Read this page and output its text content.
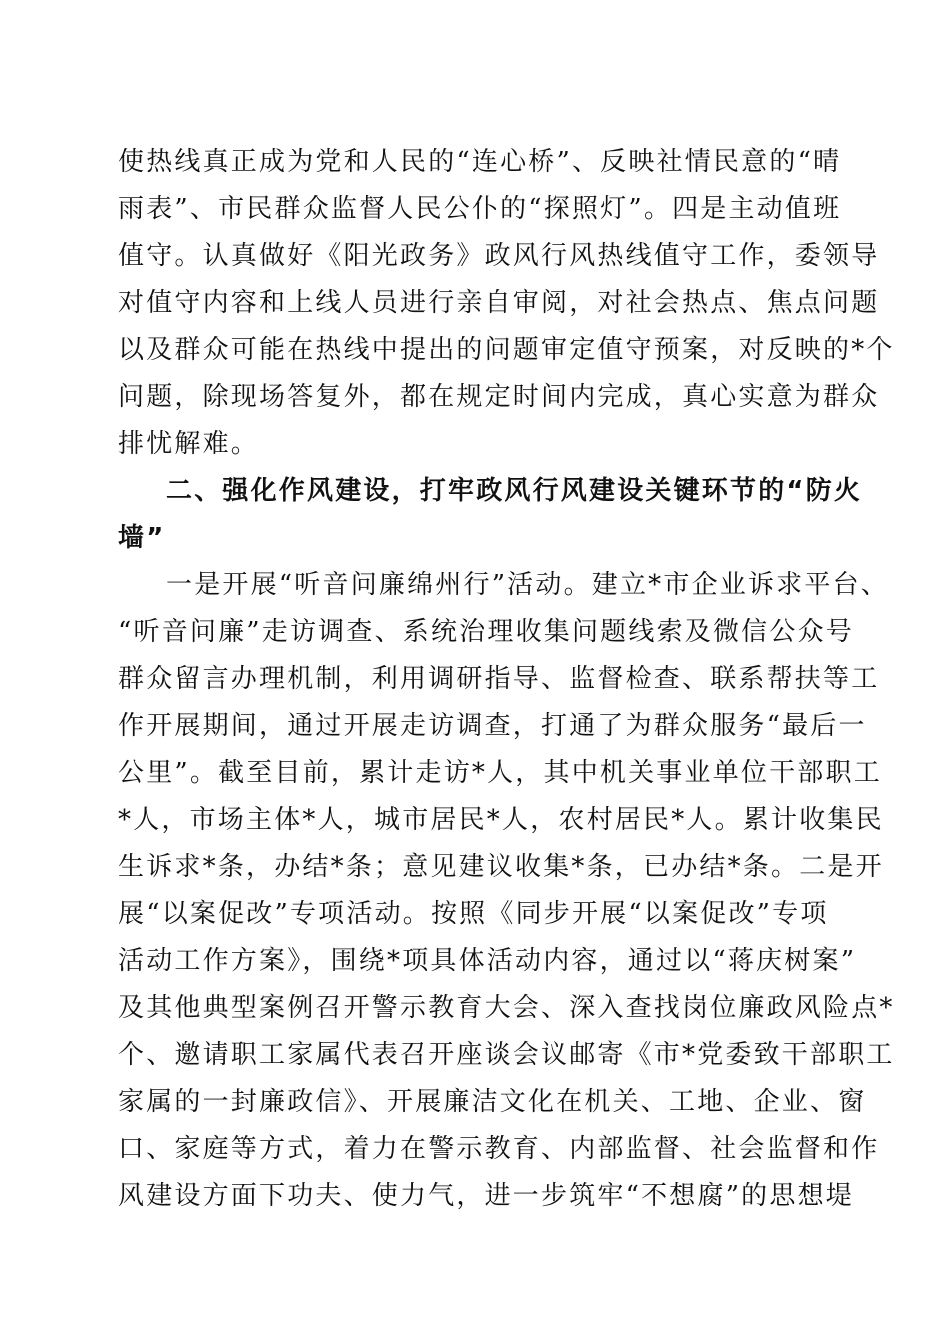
使热线真正成为党和人民的“连心桥”、反映社情民意的“晴
雨表”、市民群众监督人民公仆的“探照灯”。四是主动值班
值守。认真做好《阳光政务》政风行风热线值守工作，委领导
对值守内容和上线人员进行亲自审阅，对社会热点、焦点问题
以及群众可能在热线中提出的问题审定值守预案，对反映的*个
问题，除现场答复外，都在规定时间内完成，真心实意为群众
排忧解难。
二、强化作风建设，打牢政风行风建设关键环节的“防火
墙”
一是开展“听音问廉绵州行”活动。建立*市企业诉求平台、
“听音问廉”走访调查、系统治理收集问题线索及微信公众号
群众留言办理机制，利用调研指导、监督检查、联系帮扶等工
作开展期间，通过开展走访调查，打通了为群众服务“最后一
公里”。截至目前，累计走访*人，其中机关事业单位干部职工
*人，市场主体*人，城市居民*人，农村居民*人。累计收集民
生诉求*条，办结*条；意见建议收集*条，已办结*条。二是开
展“以案促改”专项活动。按照《同步开展“以案促改”专项
活动工作方案》，围绕*项具体活动内容，通过以“蒋庆树案”
及其他典型案例召开警示教育大会、深入查找岗位廉政风险点*
个、邀请职工家属代表召开座谈会议邮寄《市*党委致干部职工
家属的一封廉政信》、开展廉洁文化在机关、工地、企业、窗
口、家庭等方式，着力在警示教育、内部监督、社会监督和作
风建设方面下功夫、使力气，进一步筑牢“不想腐”的思想堤
